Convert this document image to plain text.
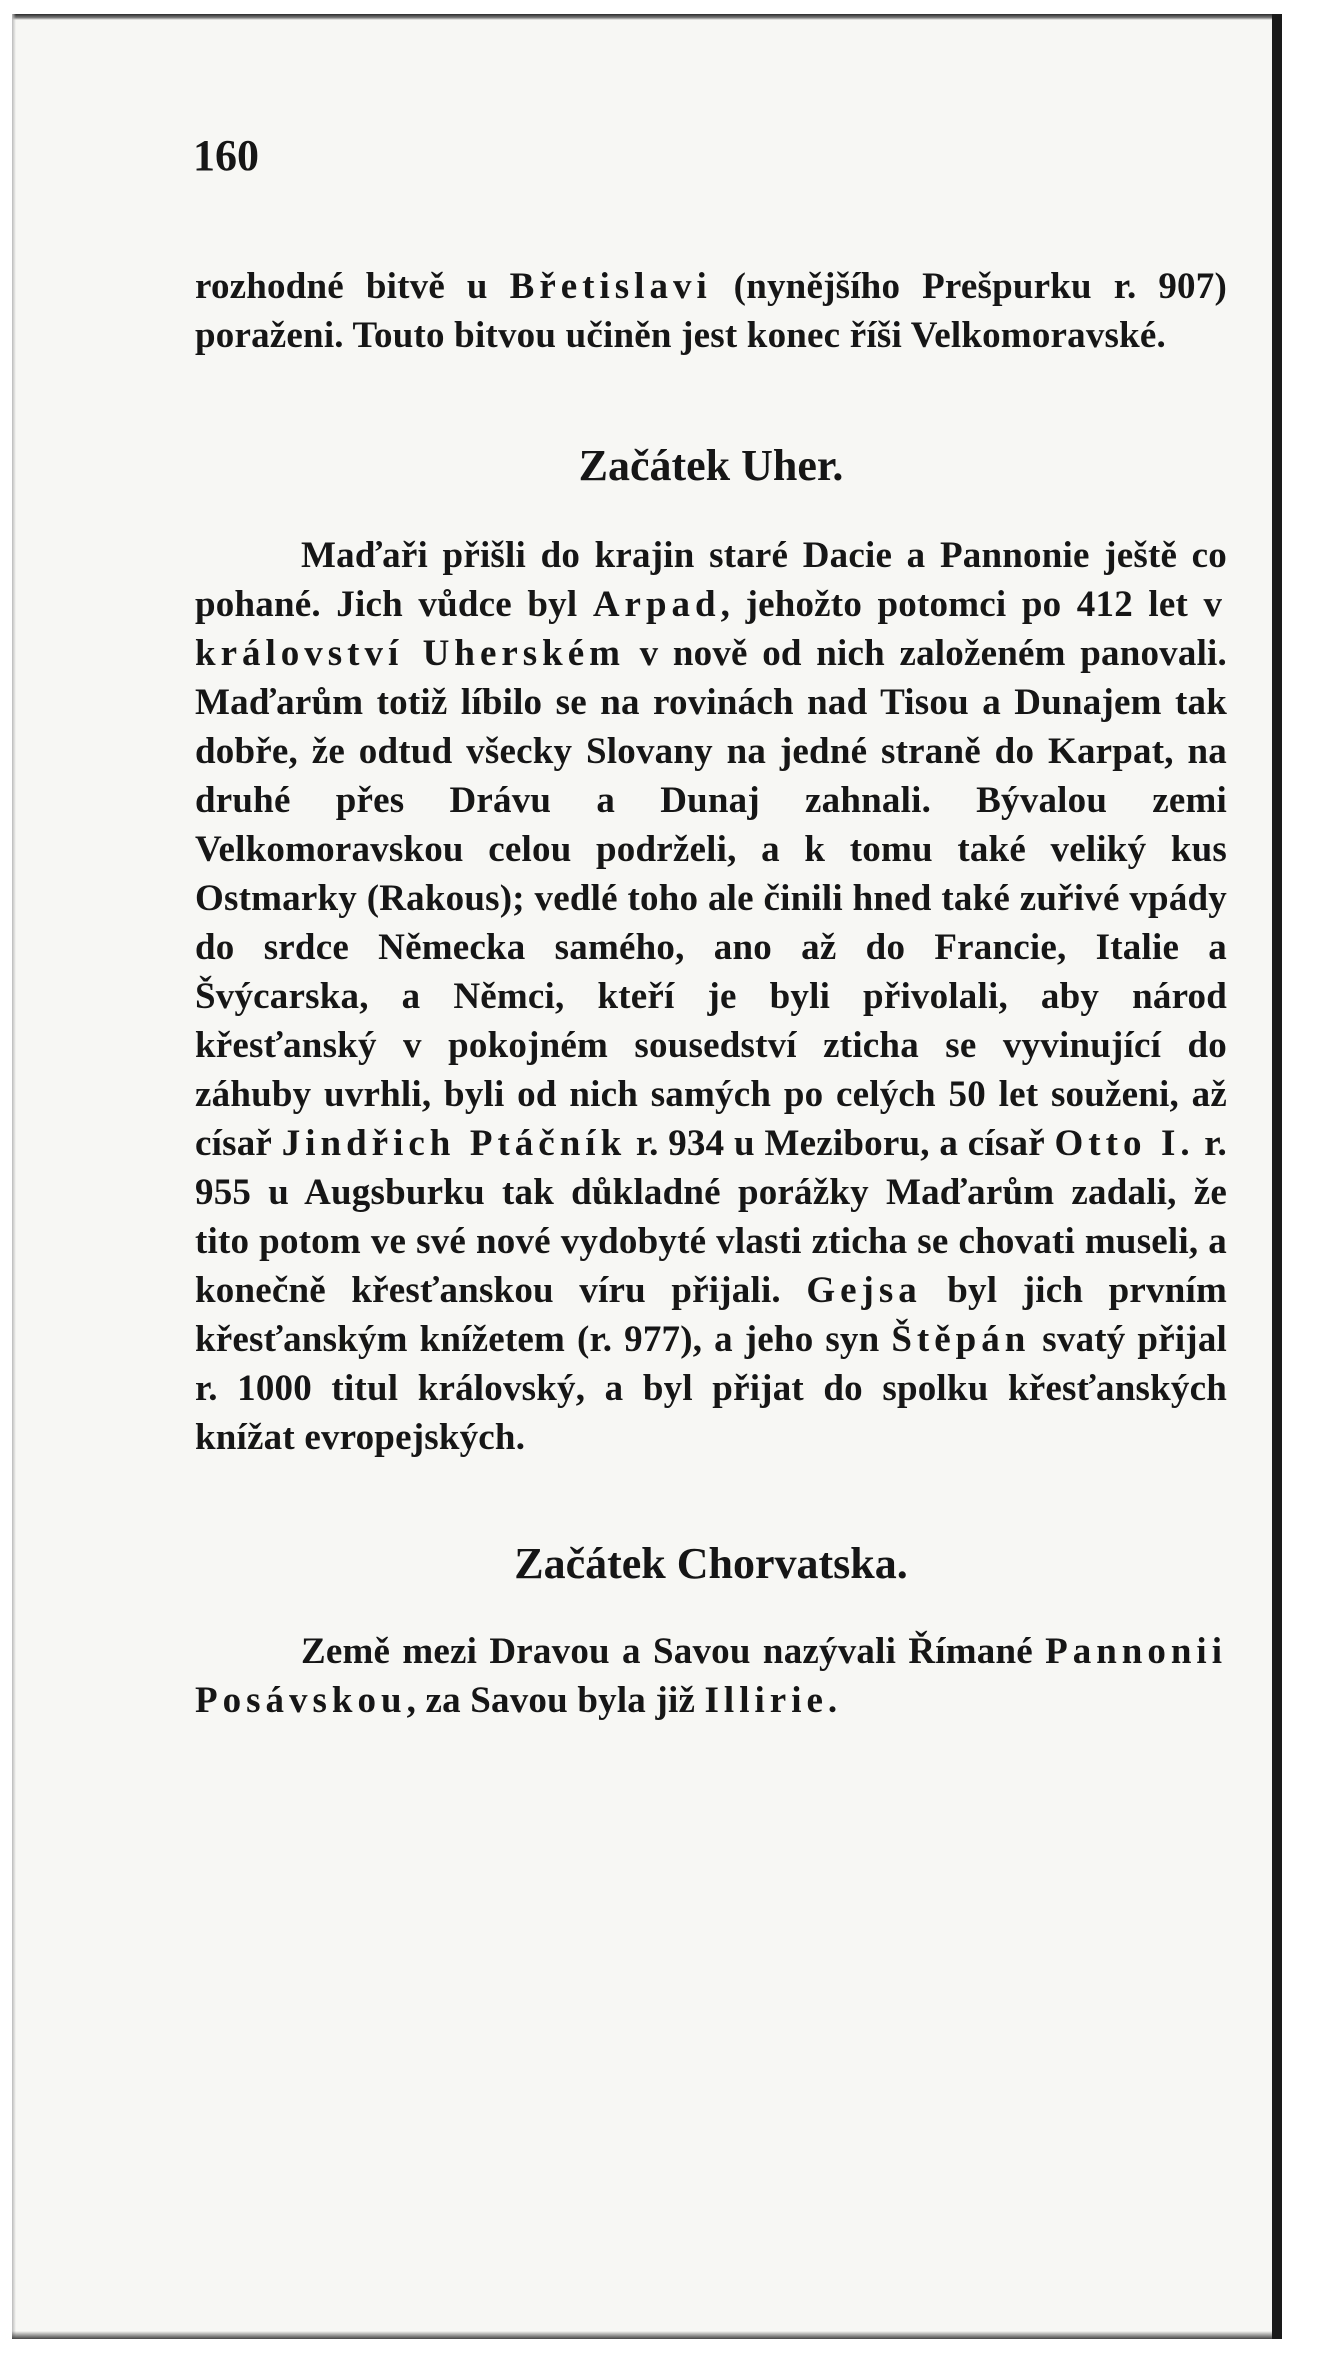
160

rozhodné bitvě u Břetislavi (nynějšího Prešpurku r. 907) poraženi. Touto bitvou učiněn jest konec říši Velkomoravské.

Začátek Uher.

Maďaři přišli do krajin staré Dacie a Pannonie ještě co pohané. Jich vůdce byl Arpad, jehožto potomci po 412 let v království Uherském v nově od nich založeném panovali. Maďarům totiž líbilo se na rovinách nad Tisou a Dunajem tak dobře, že odtud všecky Slovany na jedné straně do Karpat, na druhé přes Drávu a Dunaj zahnali. Bývalou zemi Velkomoravskou celou podrželi, a k tomu také veliký kus Ostmarky (Rakous); vedlé toho ale činili hned také zuřivé vpády do srdce Německa samého, ano až do Francie, Italie a Švýcarska, a Němci, kteří je byli přivolali, aby národ křesťanský v pokojném sousedství zticha se vyvinující do záhuby uvrhli, byli od nich samých po celých 50 let souženi, až císař Jindřich Ptáčník r. 934 u Meziboru, a císař Otto I. r. 955 u Augsburku tak důkladné porážky Maďarům zadali, že tito potom ve své nové vydobyté vlasti zticha se chovati museli, a konečně křesťanskou víru přijali. Gejsa byl jich prvním křesťanským knížetem (r. 977), a jeho syn Štěpán svatý přijal r. 1000 titul královský, a byl přijat do spolku křesťanských knížat evropejských.

Začátek Chorvatska.

Země mezi Dravou a Savou nazývali Římané Pannonii Posávskou, za Savou byla již Illirie.
